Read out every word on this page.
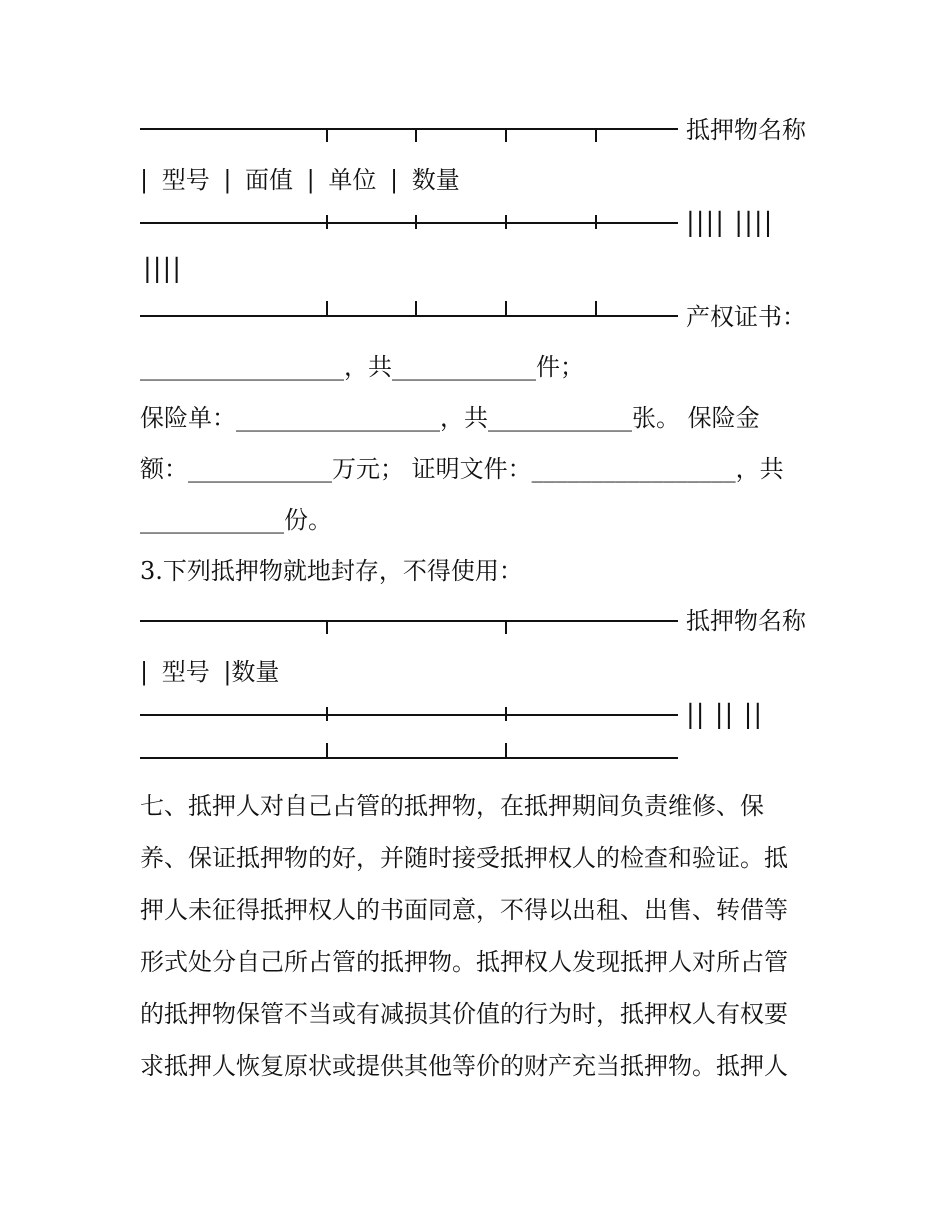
抵押物名称
| 型号 | 面值 | 单位 | 数量
|||| ||||
||||
产权证书：
_________________，共____________件；
保险单：_________________，共____________张。 保险金
额：____________万元； 证明文件：_________________，共
____________份。
3.下列抵押物就地封存，不得使用：
抵押物名称
| 型号 |数量
|| || ||

七、抵押人对自己占管的抵押物，在抵押期间负责维修、保

养、保证抵押物的好，并随时接受抵押权人的检查和验证。抵

押人未征得抵押权人的书面同意，不得以出租、出售、转借等

形式处分自己所占管的抵押物。抵押权人发现抵押人对所占管

的抵押物保管不当或有减损其价值的行为时，抵押权人有权要

求抵押人恢复原状或提供其他等价的财产充当抵押物。抵押人
